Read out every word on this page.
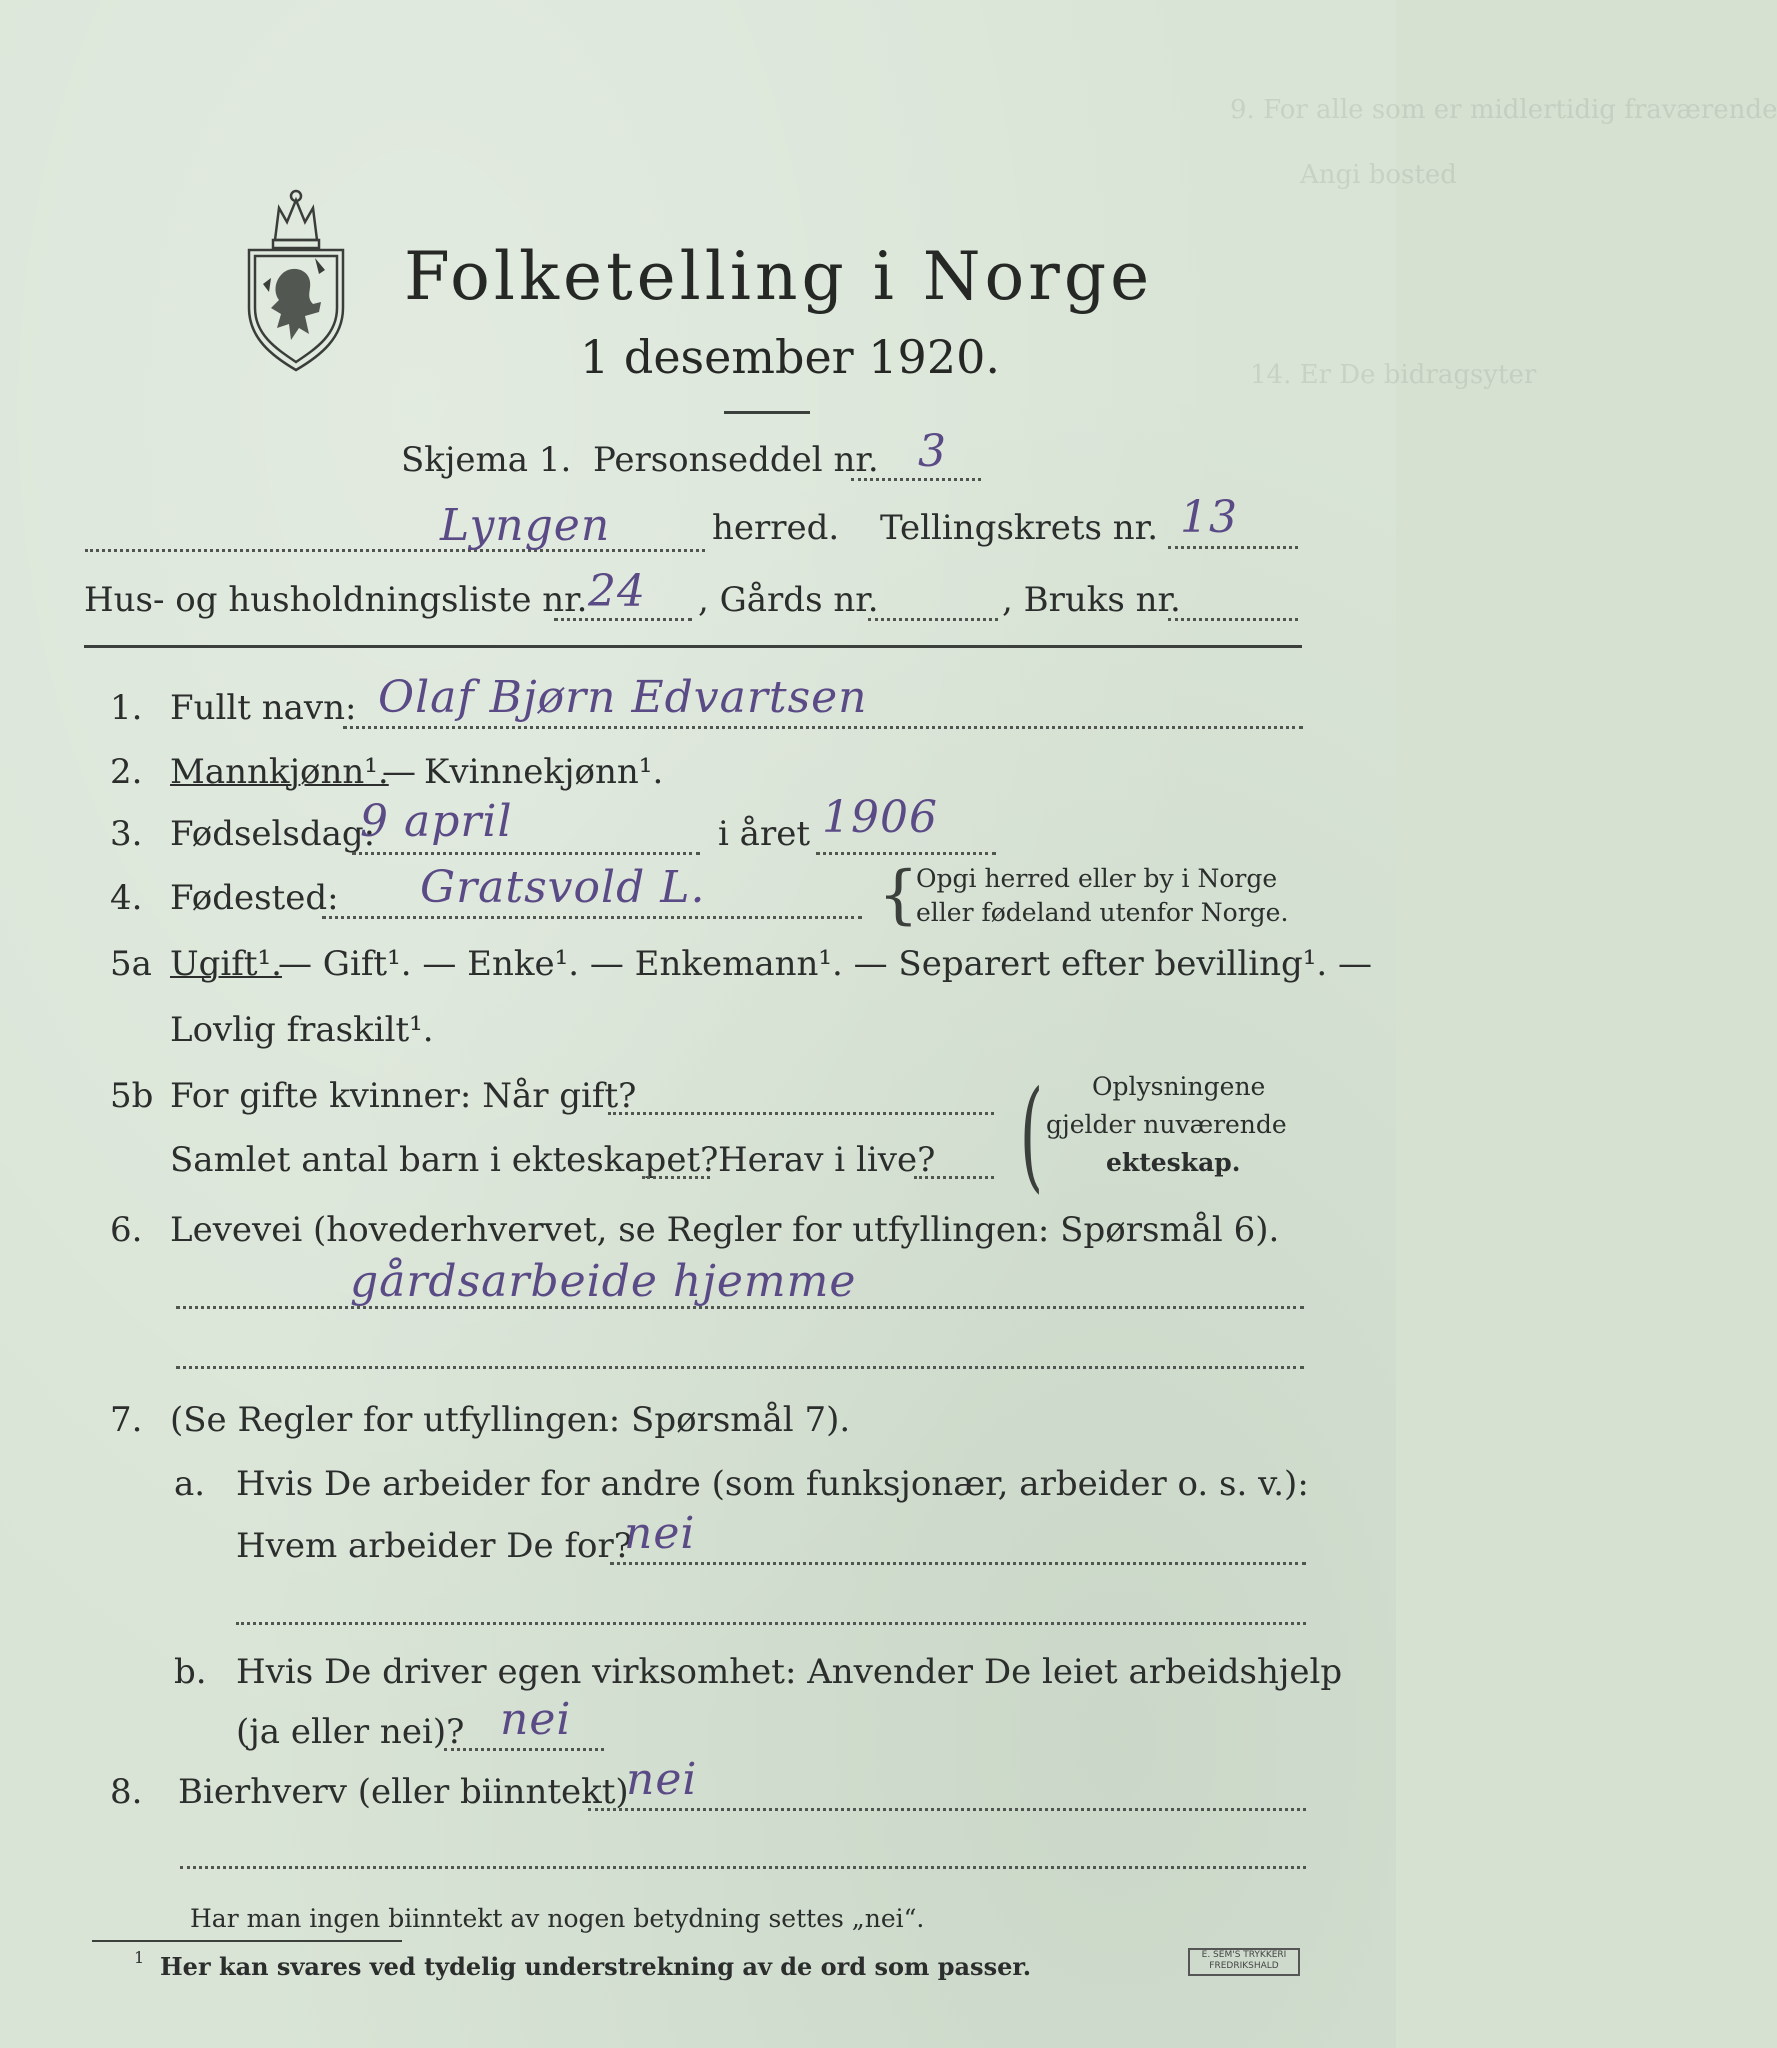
9. For alle som er midlertidig fraværende
Angi bosted
14. Er De bidragsyter
Folketelling i Norge
1 desember 1920.
Skjema 1. Personseddel nr. 3
Lyngen	herred. Tellingskrets nr. 13
Hus- og husholdningsliste nr. 24 , Gårds nr.	, Bruks nr.
1. Fullt navn: Olaf Bjørn Edvartsen
2. Mannkjønn¹.
— Kvinnekjønn¹.
3. Fødselsdag:
9 april	i året 1906
4. Fødested: Gratsvold L.	{
Opgi herred eller by i Norge
eller fødeland utenfor Norge.
5a Ugift¹.
— Gift¹. — Enke¹. — Enkemann¹. — Separert efter bevilling¹. —
Lovlig fraskilt¹.
5b For gifte kvinner: Når gift?
Samlet antal barn i ekteskapet? Herav i live? ( Oplysningene
gjelder nuværende
ekteskap.
6. Levevei (hovederhvervet, se Regler for utfyllingen: Spørsmål 6).
gårdsarbeide hjemme
7. (Se Regler for utfyllingen: Spørsmål 7).
a. Hvis De arbeider for andre (som funksjonær, arbeider o. s. v.):
Hvem arbeider De for?
nei
b. Hvis De driver egen virksomhet: Anvender De leiet arbeidshjelp
(ja eller nei)? nei
8. Bierhverv (eller biinntekt)
nei
Har man ingen biinntekt av nogen betydning settes „nei“.
1 Her kan svares ved tydelig understrekning av de ord som passer.	E. SEM'S TRYKKERI FREDRIKSHALD
